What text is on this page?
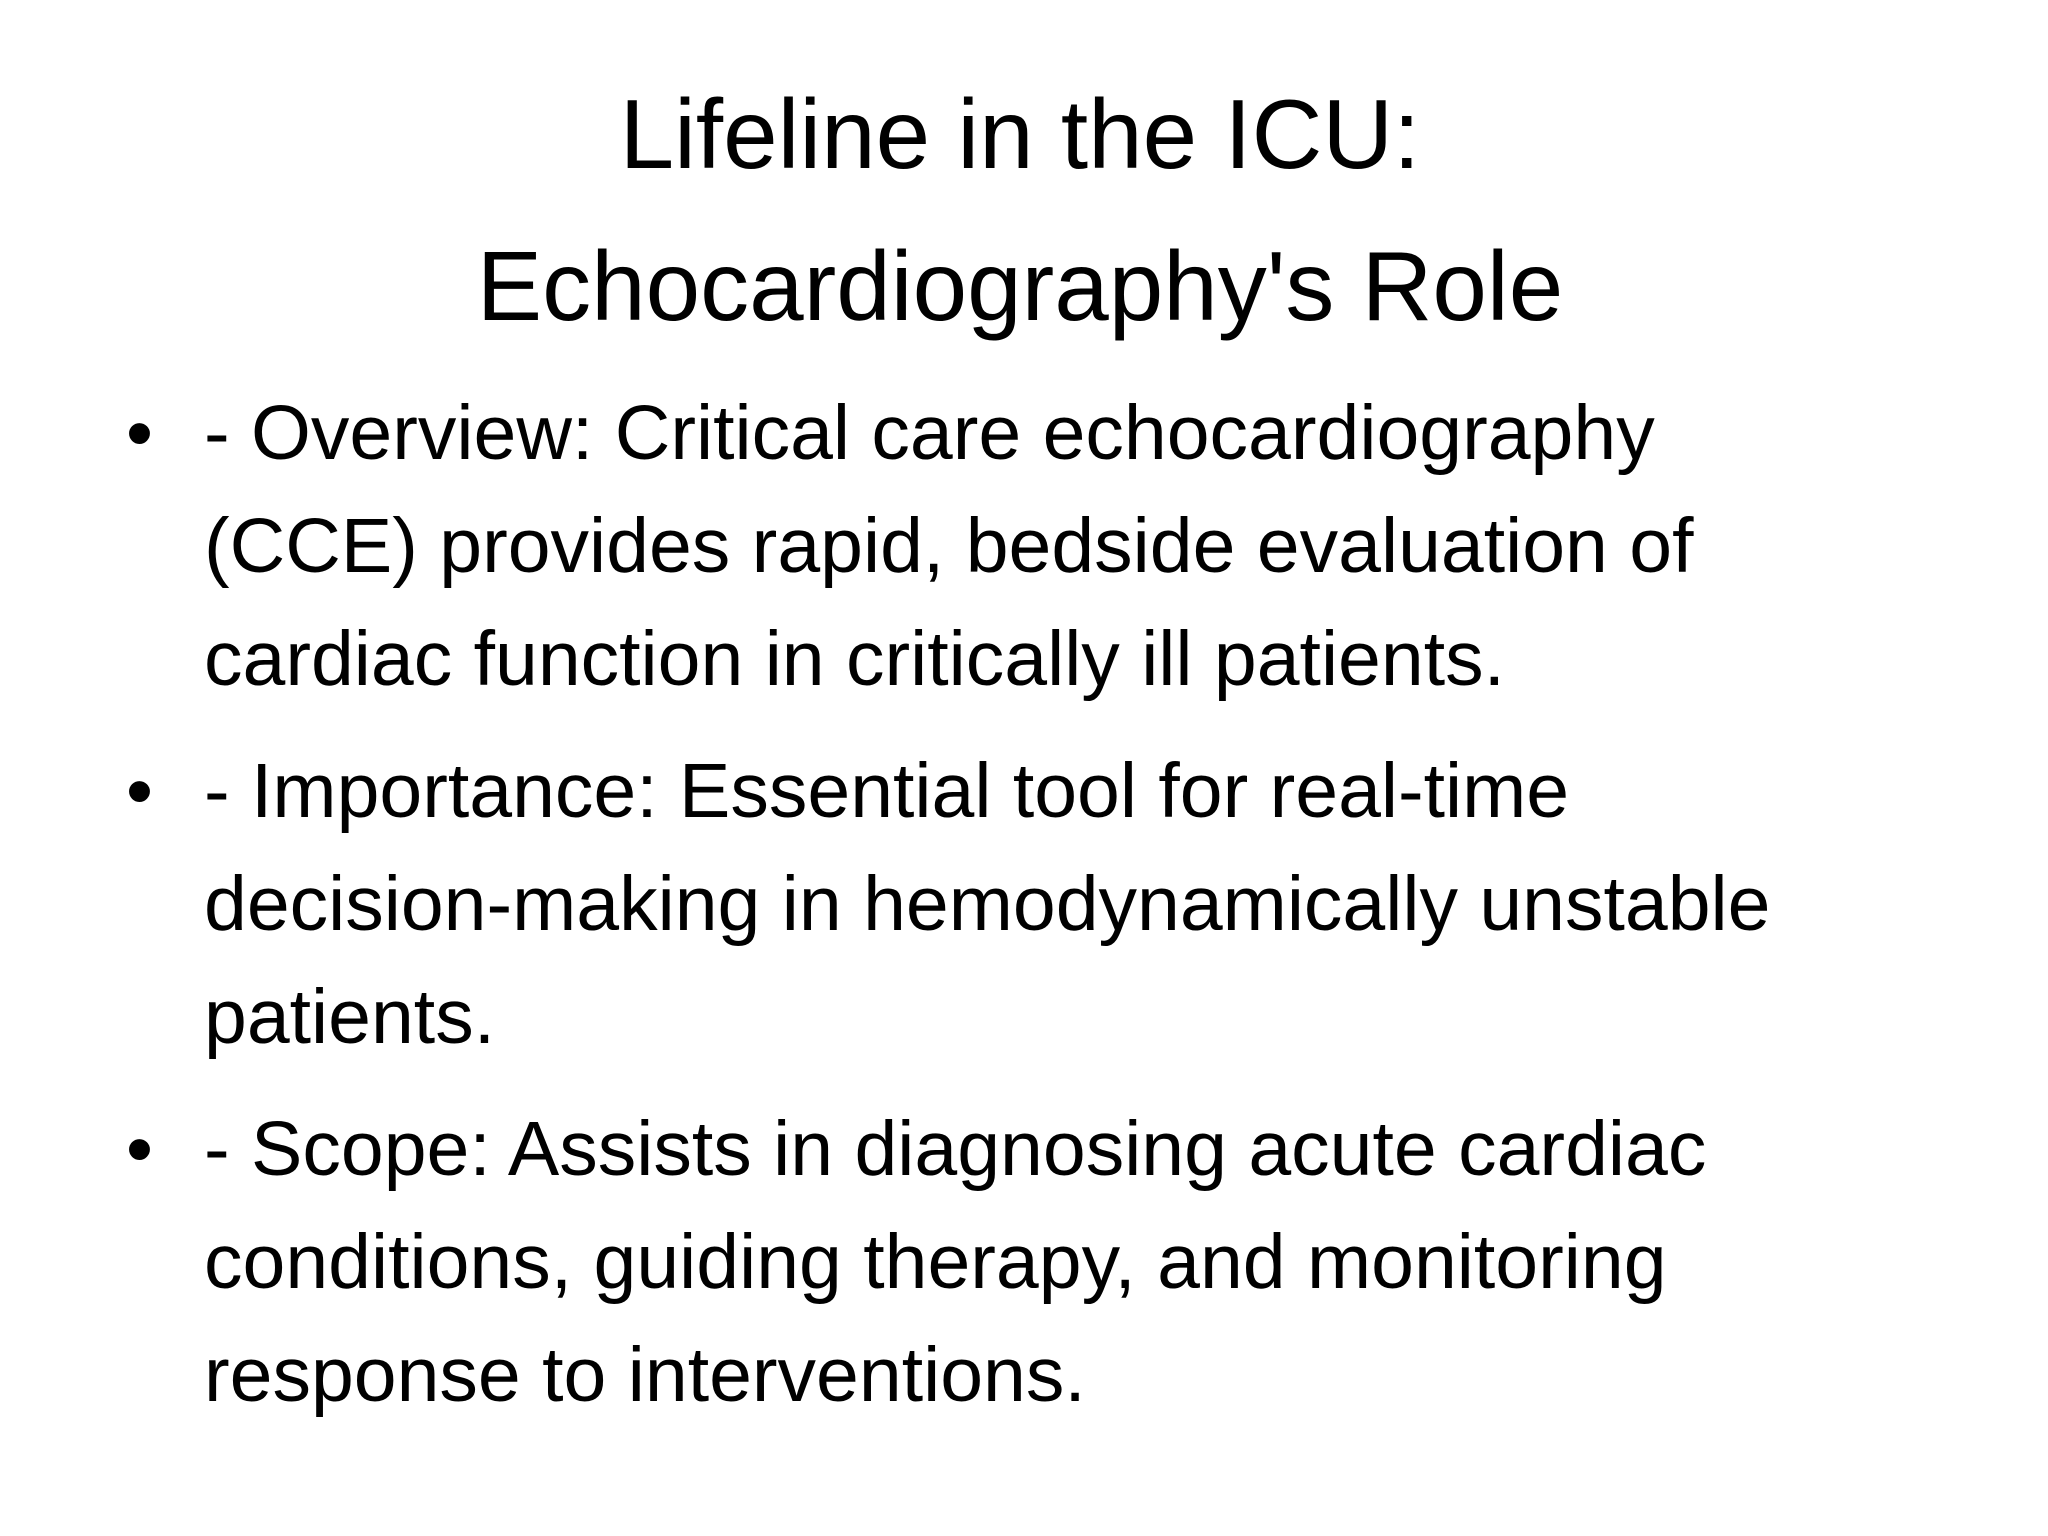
Lifeline in the ICU:
Echocardiography's Role
• - Overview: Critical care echocardiography
(CCE) provides rapid, bedside evaluation of
cardiac function in critically ill patients.
• - Importance: Essential tool for real-time
decision-making in hemodynamically unstable
patients.
• - Scope: Assists in diagnosing acute cardiac
conditions, guiding therapy, and monitoring
response to interventions.
